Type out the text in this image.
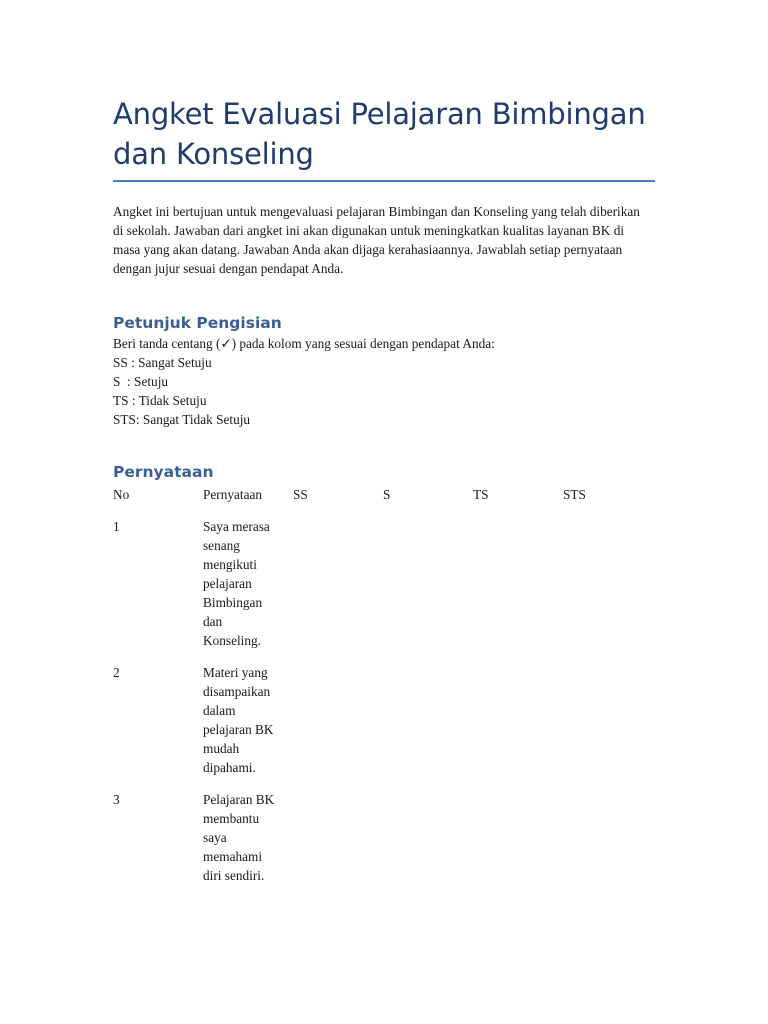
Angket Evaluasi Pelajaran Bimbingan dan Konseling

Angket ini bertujuan untuk mengevaluasi pelajaran Bimbingan dan Konseling yang telah diberikan di sekolah. Jawaban dari angket ini akan digunakan untuk meningkatkan kualitas layanan BK di masa yang akan datang. Jawaban Anda akan dijaga kerahasiaannya. Jawablah setiap pernyataan dengan jujur sesuai dengan pendapat Anda.

Petunjuk Pengisian
Beri tanda centang (✓) pada kolom yang sesuai dengan pendapat Anda:
SS : Sangat Setuju
S  : Setuju
TS : Tidak Setuju
STS: Sangat Tidak Setuju
Pernyataan
No	Pernyataan	SS	S	TS	STS
1	Saya merasa senang mengikuti pelajaran Bimbingan dan Konseling.				

2	Materi yang disampaikan dalam pelajaran BK mudah dipahami.				

3	Pelajaran BK membantu saya memahami diri sendiri.				
